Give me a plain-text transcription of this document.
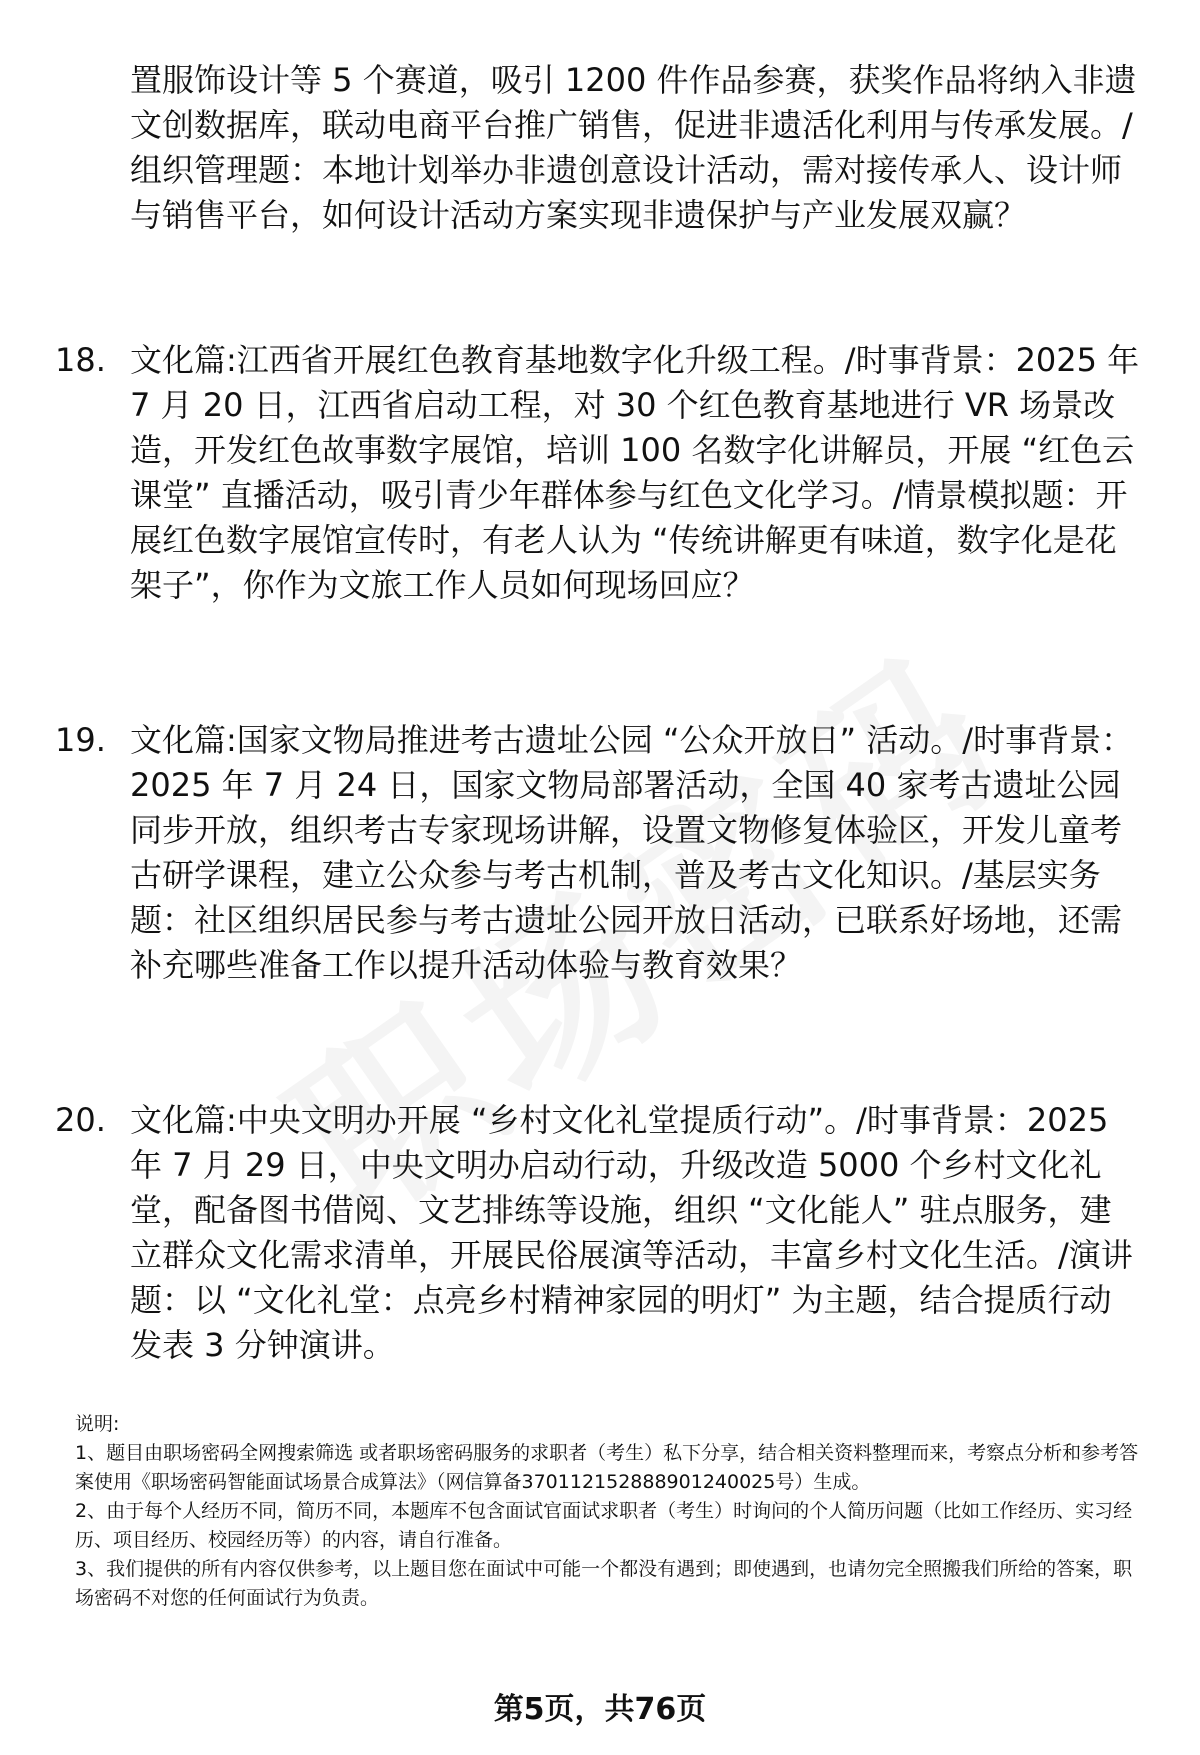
置服饰设计等 5 个赛道，吸引 1200 件作品参赛，获奖作品将纳入非遗文创数据库，联动电商平台推广销售，促进非遗活化利用与传承发展。/组织管理题：本地计划举办非遗创意设计活动，需对接传承人、设计师与销售平台，如何设计活动方案实现非遗保护与产业发展双赢？
18. 文化篇:江西省开展红色教育基地数字化升级工程。/时事背景：2025 年 7 月 20 日，江西省启动工程，对 30 个红色教育基地进行 VR 场景改造，开发红色故事数字展馆，培训 100 名数字化讲解员，开展 “红色云课堂” 直播活动，吸引青少年群体参与红色文化学习。/情景模拟题：开展红色数字展馆宣传时，有老人认为 “传统讲解更有味道，数字化是花架子”，你作为文旅工作人员如何现场回应？
19. 文化篇:国家文物局推进考古遗址公园 “公众开放日” 活动。/时事背景：2025 年 7 月 24 日，国家文物局部署活动，全国 40 家考古遗址公园同步开放，组织考古专家现场讲解，设置文物修复体验区，开发儿童考古研学课程，建立公众参与考古机制，普及考古文化知识。/基层实务题：社区组织居民参与考古遗址公园开放日活动，已联系好场地，还需补充哪些准备工作以提升活动体验与教育效果？
20. 文化篇:中央文明办开展 “乡村文化礼堂提质行动”。/时事背景：2025 年 7 月 29 日，中央文明办启动行动，升级改造 5000 个乡村文化礼堂，配备图书借阅、文艺排练等设施，组织 “文化能人” 驻点服务，建立群众文化需求清单，开展民俗展演等活动，丰富乡村文化生活。/演讲题：以 “文化礼堂：点亮乡村精神家园的明灯” 为主题，结合提质行动发表 3 分钟演讲。

说明:

1、题目由职场密码全网搜索筛选 或者职场密码服务的求职者（考生）私下分享，结合相关资料整理而来，考察点分析和参考答案使用《职场密码智能面试场景合成算法》（网信算备370112152888901240025号）生成。

2、由于每个人经历不同，简历不同，本题库不包含面试官面试求职者（考生）时询问的个人简历问题（比如工作经历、实习经历、项目经历、校园经历等）的内容，请自行准备。

3、我们提供的所有内容仅供参考，以上题目您在面试中可能一个都没有遇到；即使遇到，也请勿完全照搬我们所给的答案，职场密码不对您的任何面试行为负责。

第5页，共76页
